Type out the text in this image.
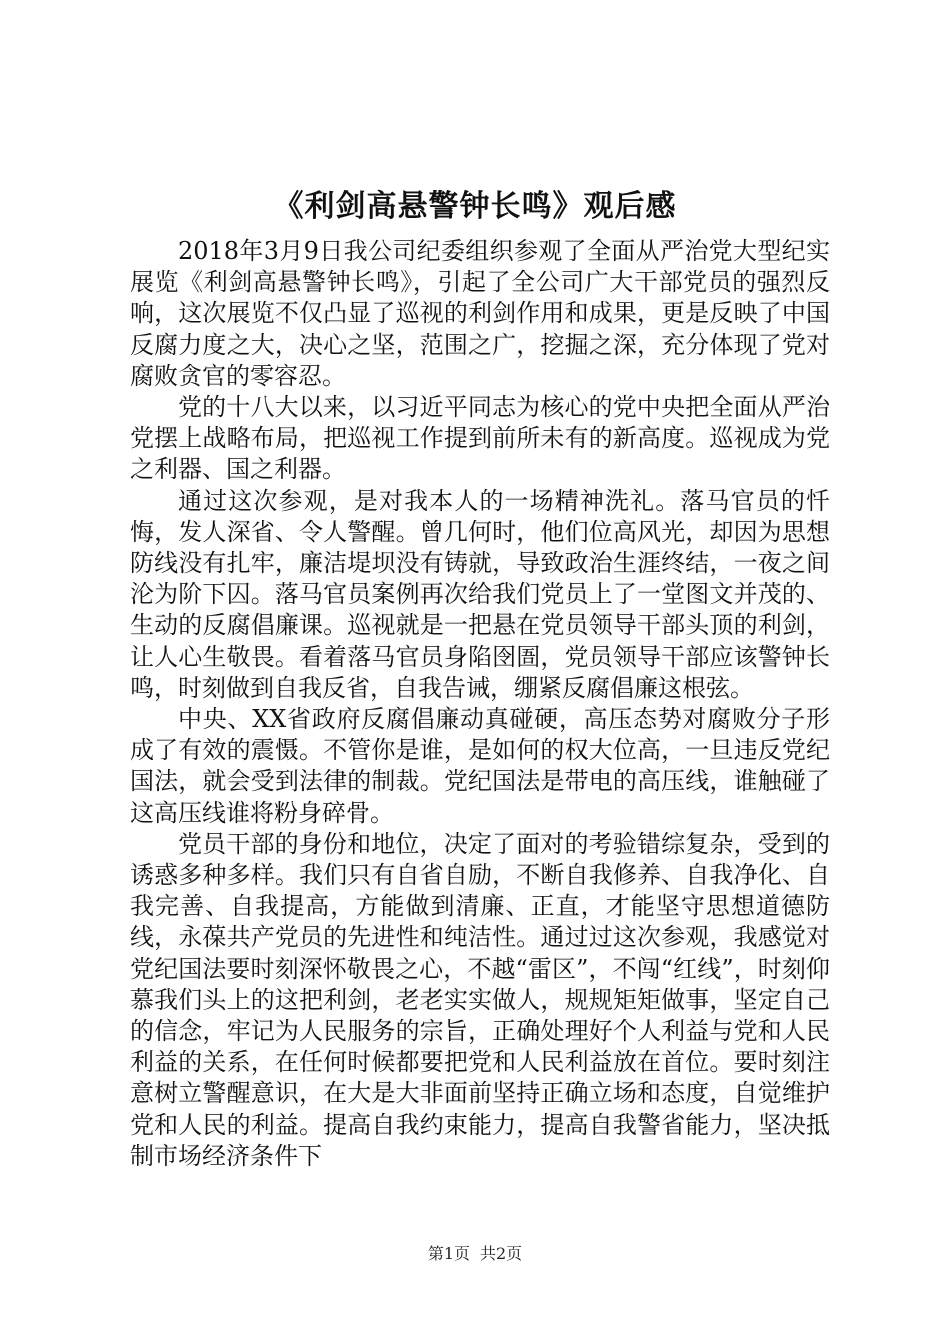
《利剑高悬警钟长鸣》观后感

2018年3月9日我公司纪委组织参观了全面从严治党大型纪实展览《利剑高悬警钟长鸣》，引起了全公司广大干部党员的强烈反响，这次展览不仅凸显了巡视的利剑作用和成果，更是反映了中国反腐力度之大，决心之坚，范围之广，挖掘之深，充分体现了党对腐败贪官的零容忍。

党的十八大以来，以习近平同志为核心的党中央把全面从严治党摆上战略布局，把巡视工作提到前所未有的新高度。巡视成为党之利器、国之利器。

通过这次参观，是对我本人的一场精神洗礼。落马官员的忏悔，发人深省、令人警醒。曾几何时，他们位高风光，却因为思想防线没有扎牢，廉洁堤坝没有铸就，导致政治生涯终结，一夜之间沦为阶下囚。落马官员案例再次给我们党员上了一堂图文并茂的、生动的反腐倡廉课。巡视就是一把悬在党员领导干部头顶的利剑，让人心生敬畏。看着落马官员身陷囹圄，党员领导干部应该警钟长鸣，时刻做到自我反省，自我告诫，绷紧反腐倡廉这根弦。

中央、XX省政府反腐倡廉动真碰硬，高压态势对腐败分子形成了有效的震慑。不管你是谁，是如何的权大位高，一旦违反党纪国法，就会受到法律的制裁。党纪国法是带电的高压线，谁触碰了这高压线谁将粉身碎骨。

党员干部的身份和地位，决定了面对的考验错综复杂，受到的诱惑多种多样。我们只有自省自励，不断自我修养、自我净化、自我完善、自我提高，方能做到清廉、正直，才能坚守思想道德防线，永葆共产党员的先进性和纯洁性。通过过这次参观，我感觉对党纪国法要时刻深怀敬畏之心，不越“雷区”，不闯“红线”，时刻仰慕我们头上的这把利剑，老老实实做人，规规矩矩做事，坚定自己的信念，牢记为人民服务的宗旨，正确处理好个人利益与党和人民利益的关系，在任何时候都要把党和人民利益放在首位。要时刻注意树立警醒意识，在大是大非面前坚持正确立场和态度，自觉维护党和人民的利益。提高自我约束能力，提高自我警省能力，坚决抵制市场经济条件下

第1页 共2页
